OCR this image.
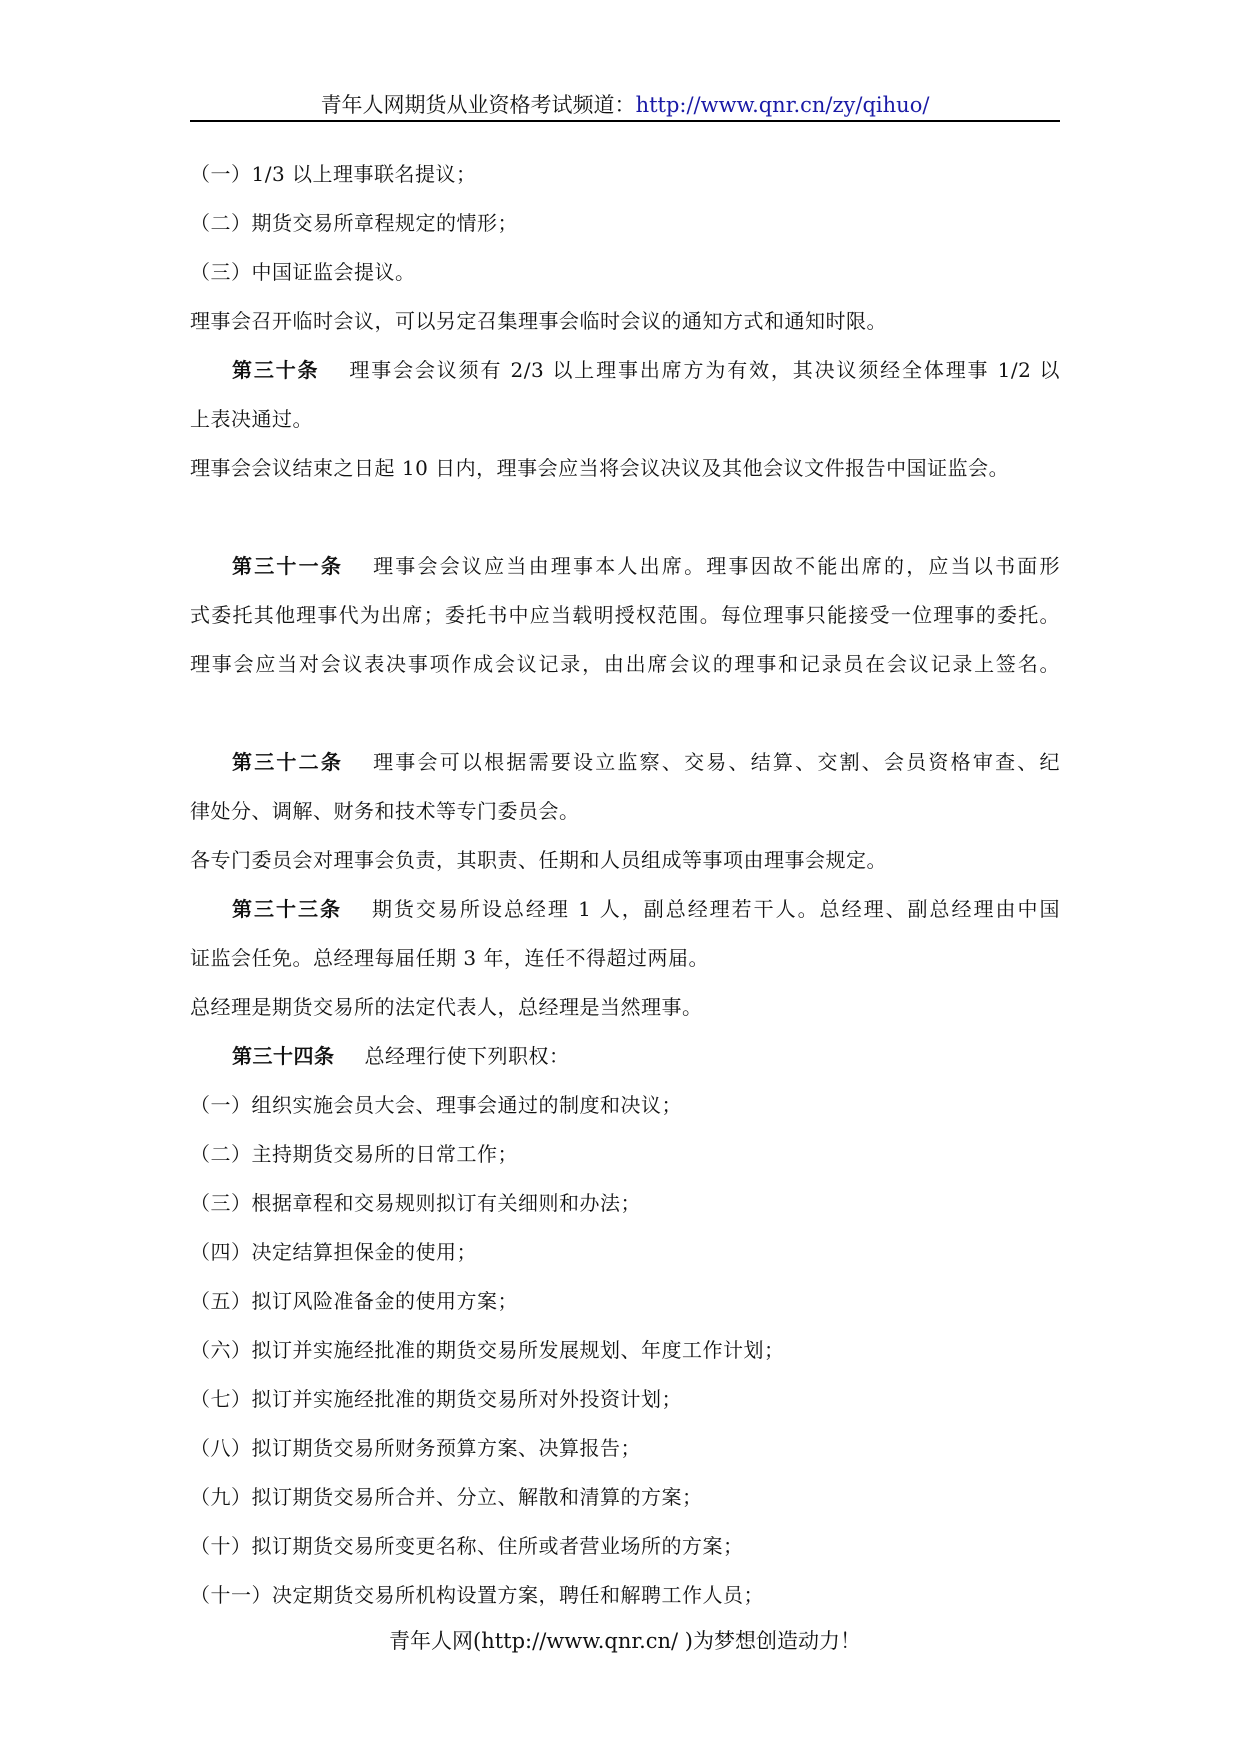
青年人网期货从业资格考试频道：http://www.qnr.cn/zy/qihuo/
（一）1/3 以上理事联名提议；
（二）期货交易所章程规定的情形；
（三）中国证监会提议。
理事会召开临时会议，可以另定召集理事会临时会议的通知方式和通知时限。
第三十条 理事会会议须有 2/3 以上理事出席方为有效，其决议须经全体理事 1/2 以
上表决通过。
理事会会议结束之日起 10 日内，理事会应当将会议决议及其他会议文件报告中国证监会。
第三十一条 理事会会议应当由理事本人出席。理事因故不能出席的，应当以书面形
式委托其他理事代为出席；委托书中应当载明授权范围。每位理事只能接受一位理事的委托。
理事会应当对会议表决事项作成会议记录，由出席会议的理事和记录员在会议记录上签名。
第三十二条 理事会可以根据需要设立监察、交易、结算、交割、会员资格审查、纪
律处分、调解、财务和技术等专门委员会。
各专门委员会对理事会负责，其职责、任期和人员组成等事项由理事会规定。
第三十三条 期货交易所设总经理 1 人，副总经理若干人。总经理、副总经理由中国
证监会任免。总经理每届任期 3 年，连任不得超过两届。
总经理是期货交易所的法定代表人，总经理是当然理事。
第三十四条 总经理行使下列职权：
（一）组织实施会员大会、理事会通过的制度和决议；
（二）主持期货交易所的日常工作；
（三）根据章程和交易规则拟订有关细则和办法；
（四）决定结算担保金的使用；
（五）拟订风险准备金的使用方案；
（六）拟订并实施经批准的期货交易所发展规划、年度工作计划；
（七）拟订并实施经批准的期货交易所对外投资计划；
（八）拟订期货交易所财务预算方案、决算报告；
（九）拟订期货交易所合并、分立、解散和清算的方案；
（十）拟订期货交易所变更名称、住所或者营业场所的方案；
（十一）决定期货交易所机构设置方案，聘任和解聘工作人员；
青年人网(http://www.qnr.cn/ )为梦想创造动力！
